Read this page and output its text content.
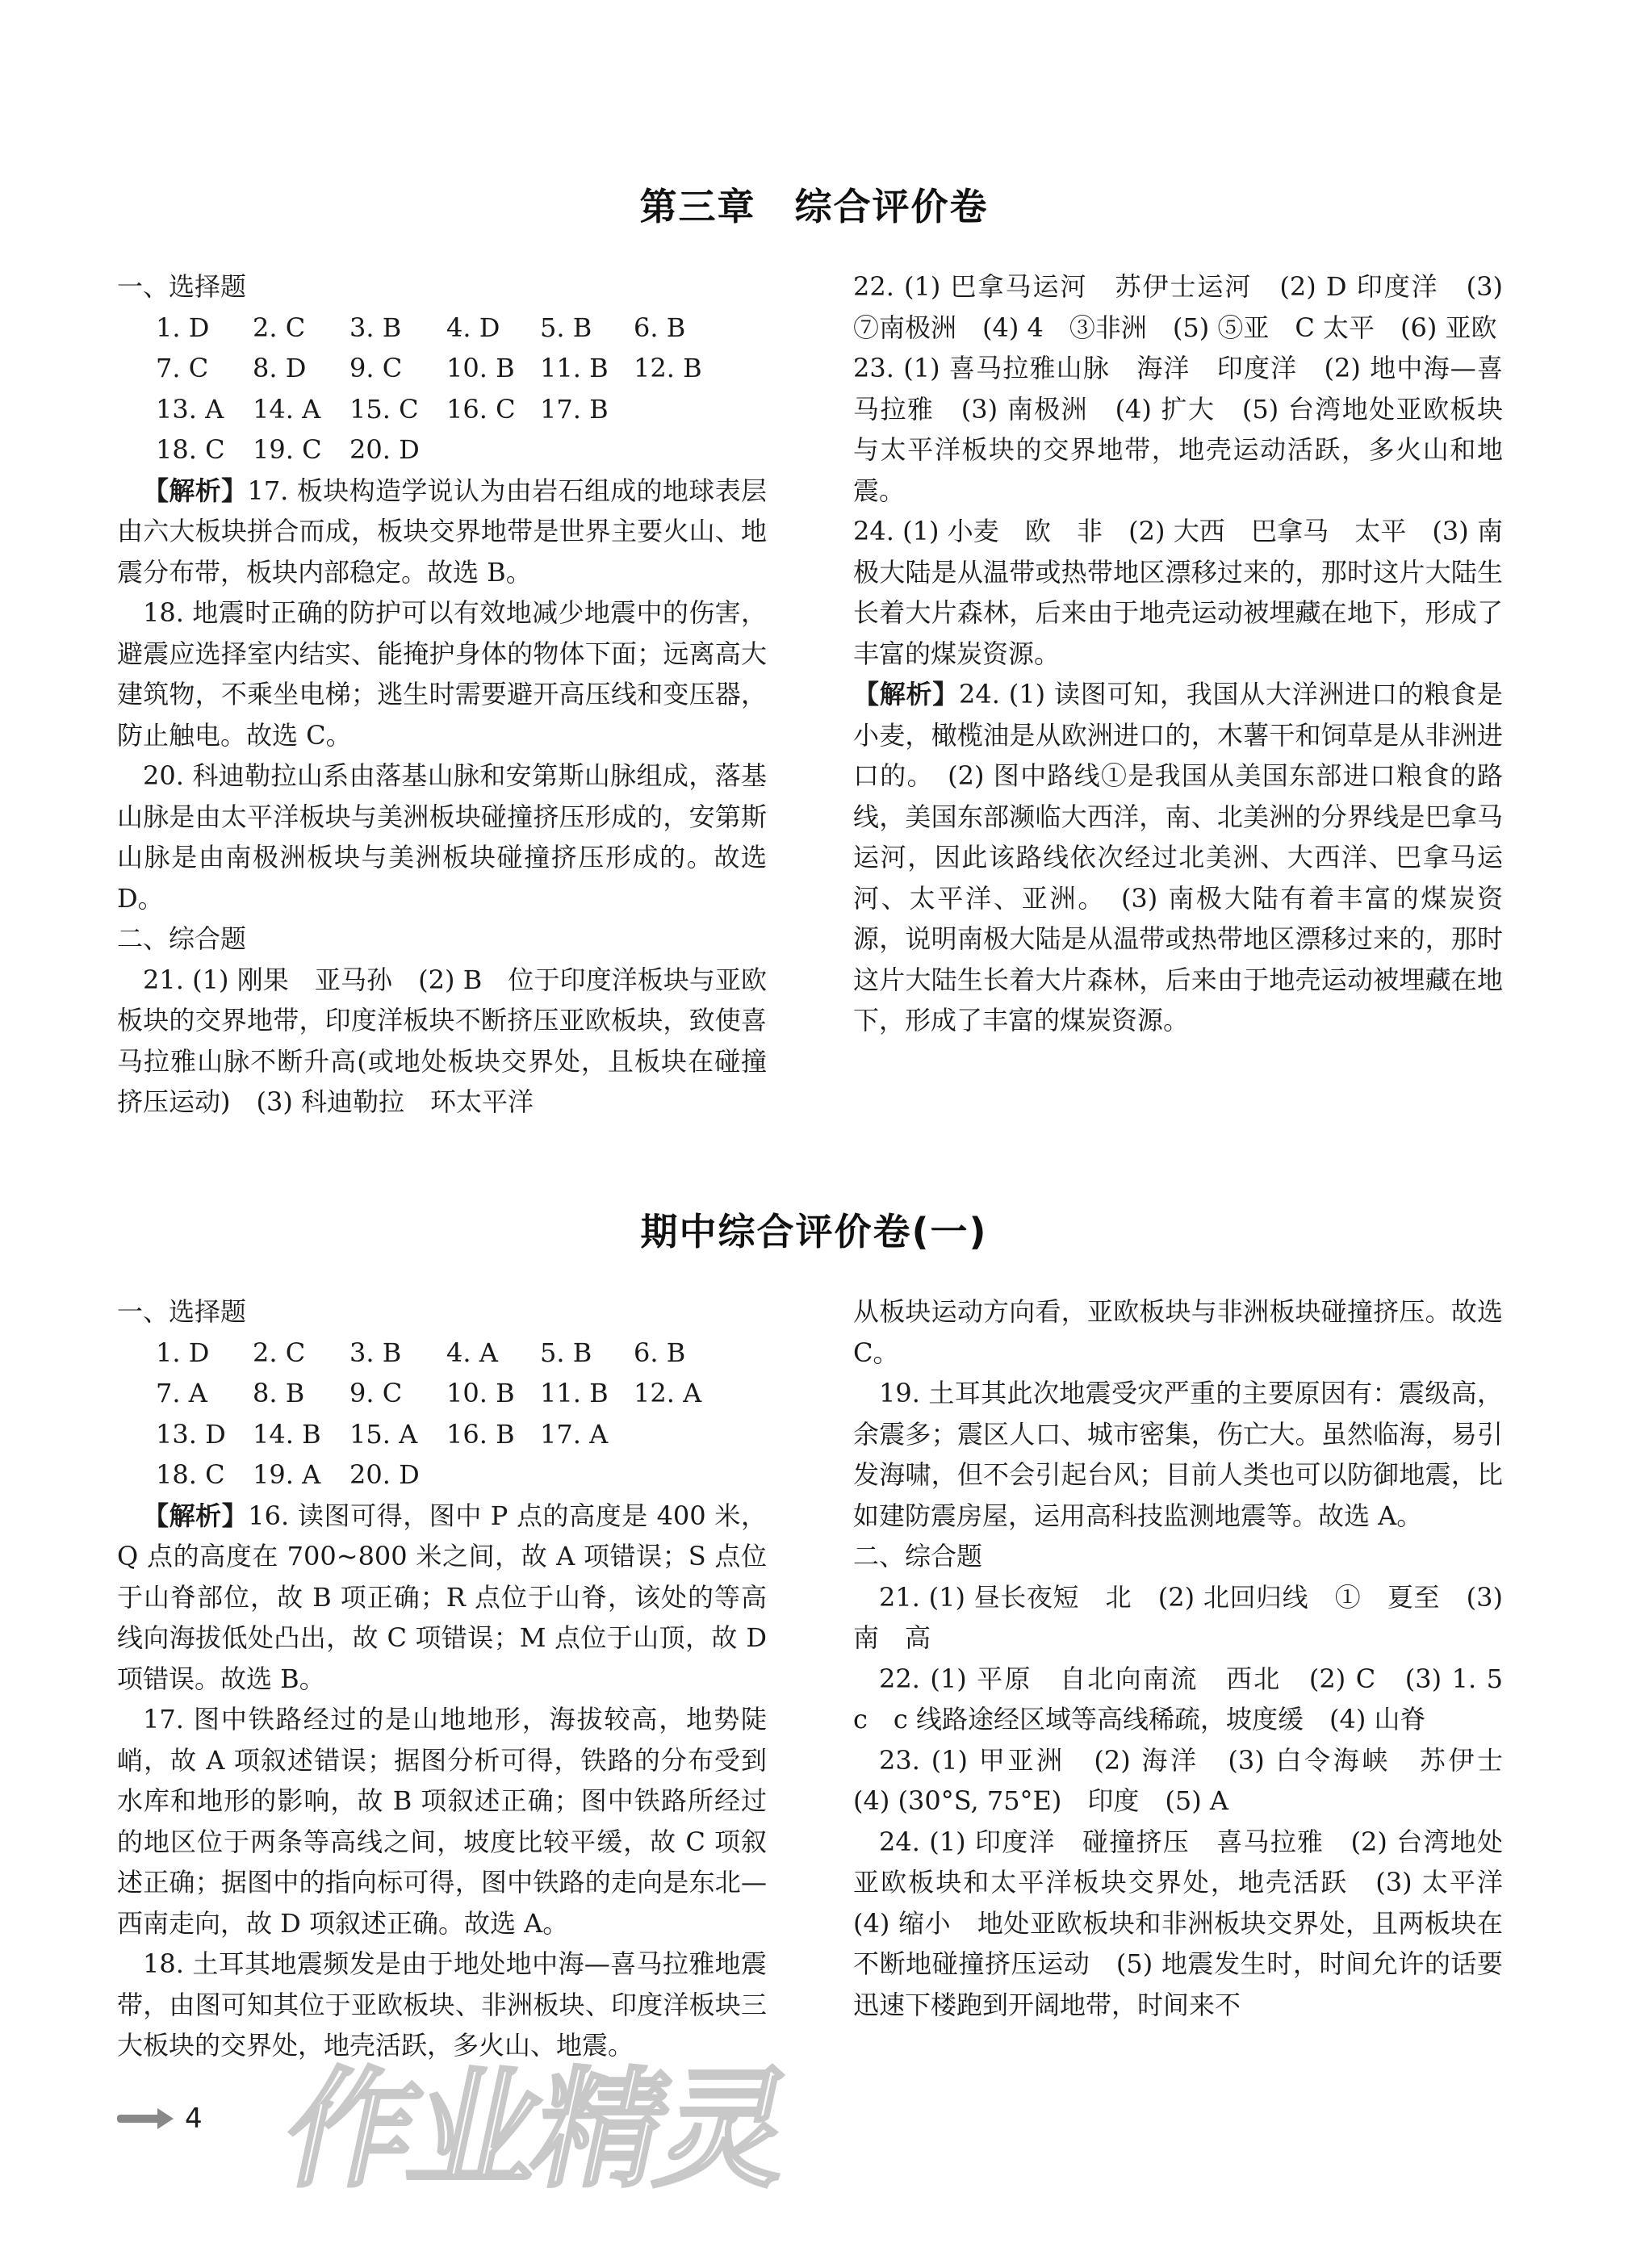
第三章　综合评价卷

一、选择题

1. D	2. C	3. B	4. D	5. B	6. B
7. C	8. D	9. C	10. B 11. B 12. B
13. A	14. A	15. C	16. C 17. B
18. C	19. C	20. D

【解析】17. 板块构造学说认为由岩石组成的地球表层由六大板块拼合而成，板块交界地带是世界主要火山、地震分布带，板块内部稳定。故选 B。

18. 地震时正确的防护可以有效地减少地震中的伤害，避震应选择室内结实、能掩护身体的物体下面；远离高大建筑物，不乘坐电梯；逃生时需要避开高压线和变压器，防止触电。故选 C。

20. 科迪勒拉山系由落基山脉和安第斯山脉组成，落基山脉是由太平洋板块与美洲板块碰撞挤压形成的，安第斯山脉是由南极洲板块与美洲板块碰撞挤压形成的。故选 D。

二、综合题

21. (1) 刚果　亚马孙　(2) B　位于印度洋板块与亚欧板块的交界地带，印度洋板块不断挤压亚欧板块，致使喜马拉雅山脉不断升高(或地处板块交界处，且板块在碰撞挤压运动)　(3) 科迪勒拉　环太平洋

22. (1) 巴拿马运河　苏伊士运河　(2) D 印度洋　(3) ⑦南极洲　(4) 4　③非洲　(5) ⑤亚　C 太平　(6) 亚欧

23. (1) 喜马拉雅山脉　海洋　印度洋　(2) 地中海—喜马拉雅　(3) 南极洲　(4) 扩大　(5) 台湾地处亚欧板块与太平洋板块的交界地带，地壳运动活跃，多火山和地震。

24. (1) 小麦　欧　非　(2) 大西　巴拿马　太平　(3) 南极大陆是从温带或热带地区漂移过来的，那时这片大陆生长着大片森林，后来由于地壳运动被埋藏在地下，形成了丰富的煤炭资源。

【解析】24. (1) 读图可知，我国从大洋洲进口的粮食是小麦，橄榄油是从欧洲进口的，木薯干和饲草是从非洲进口的。　(2) 图中路线①是我国从美国东部进口粮食的路线，美国东部濒临大西洋，南、北美洲的分界线是巴拿马运河，因此该路线依次经过北美洲、大西洋、巴拿马运河、太平洋、亚洲。　(3) 南极大陆有着丰富的煤炭资源，说明南极大陆是从温带或热带地区漂移过来的，那时这片大陆生长着大片森林，后来由于地壳运动被埋藏在地下，形成了丰富的煤炭资源。

期中综合评价卷(一)

一、选择题

1. D	2. C	3. B	4. A	5. B	6. B
7. A	8. B	9. C	10. B 11. B 12. A
13. D	14. B	15. A	16. B 17. A
18. C	19. A	20. D

【解析】16. 读图可得，图中 P 点的高度是 400 米，Q 点的高度在 700~800 米之间，故 A 项错误；S 点位于山脊部位，故 B 项正确；R 点位于山脊，该处的等高线向海拔低处凸出，故 C 项错误；M 点位于山顶，故 D 项错误。故选 B。

17. 图中铁路经过的是山地地形，海拔较高，地势陡峭，故 A 项叙述错误；据图分析可得，铁路的分布受到水库和地形的影响，故 B 项叙述正确；图中铁路所经过的地区位于两条等高线之间，坡度比较平缓，故 C 项叙述正确；据图中的指向标可得，图中铁路的走向是东北—西南走向，故 D 项叙述正确。故选 A。

18. 土耳其地震频发是由于地处地中海—喜马拉雅地震带，由图可知其位于亚欧板块、非洲板块、印度洋板块三大板块的交界处，地壳活跃，多火山、地震。

从板块运动方向看，亚欧板块与非洲板块碰撞挤压。故选 C。

19. 土耳其此次地震受灾严重的主要原因有：震级高，余震多；震区人口、城市密集，伤亡大。虽然临海，易引发海啸，但不会引起台风；目前人类也可以防御地震，比如建防震房屋，运用高科技监测地震等。故选 A。

二、综合题

21. (1) 昼长夜短　北　(2) 北回归线　①　夏至　(3) 南　高

22. (1) 平原　自北向南流　西北　(2) C　(3) 1. 5　c　c 线路途经区域等高线稀疏，坡度缓　(4) 山脊

23. (1) 甲亚洲　(2) 海洋　(3) 白令海峡　苏伊士　(4) (30°S, 75°E)　印度　(5) A

24. (1) 印度洋　碰撞挤压　喜马拉雅　(2) 台湾地处亚欧板块和太平洋板块交界处，地壳活跃　(3) 太平洋　(4) 缩小　地处亚欧板块和非洲板块交界处，且两板块在不断地碰撞挤压运动　(5) 地震发生时，时间允许的话要迅速下楼跑到开阔地带，时间来不

4 作业精灵
